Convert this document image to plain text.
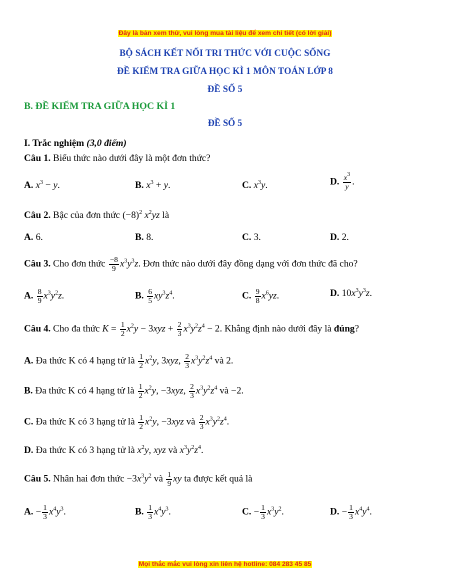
Đây là bản xem thử, vui lòng mua tài liệu để xem chi tiết (có lời giải)
BỘ SÁCH KẾT NỐI TRI THỨC VỚI CUỘC SỐNG
ĐỀ KIỂM TRA GIỮA HỌC KÌ 1 MÔN TOÁN LỚP 8
ĐỀ SỐ 5
B. ĐỀ KIỂM TRA GIỮA HỌC KÌ 1
ĐỀ SỐ 5
I. Trắc nghiệm (3,0 điểm)
Câu 1. Biểu thức nào dưới đây là một đơn thức?
A. $x^3 - y$.	B. $x^3 + y$.	C. $x^3y$.	D. $\frac{x^3}{y}$ .
Câu 2. Bậc của đơn thức $(-8)^2$ $x^2yz$ là
A. 6.	B. 8.	C. 3.	D. 2.
Câu 3. Cho đơn thức $\frac{-8}{9} x^3y^3z$. Đơn thức nào dưới đây đồng dạng với đơn thức đã cho?
A. $\frac{8}{9} x^3y^2z$.	B. $\frac{6}{5} xy^3z^4$.	C. $\frac{9}{8} x^6yz$.	D. $10x^3y^3z$.
Câu 4. Cho đa thức $K = \frac{1}{2} x^2y - 3xyz + \frac{2}{3} x^3y^2z^4 - 2$. Khẳng định nào dưới đây là đúng?
A. Đa thức K có 4 hạng tử là $\frac{1}{2} x^2y$, 3xyz, $\frac{2}{3} x^3y^2z^4$ và 2.
B. Đa thức K có 4 hạng tử là $\frac{1}{2} x^2y$, −3xyz, $\frac{2}{3} x^3y^2z^4$ và −2.
C. Đa thức K có 3 hạng tử là $\frac{1}{2} x^2y$, −3xyz và $\frac{2}{3} x^3y^2z^4$.
D. Đa thức K có 3 hạng tử là $x^2y$, xyz và $x^3y^2z^4$.
Câu 5. Nhân hai đơn thức $-3x^3y^2$ và $\frac{1}{9}$ xy ta được kết quả là
A. − $\frac{1}{3} x^4y^3$.	B. $\frac{1}{3} x^4y^3$.	C. − $\frac{1}{3} x^3y^2$.	D. − $\frac{1}{3} x^4y^4$.
Mọi thắc mắc vui lòng xin liên hệ hotline: 084 283 45 85
